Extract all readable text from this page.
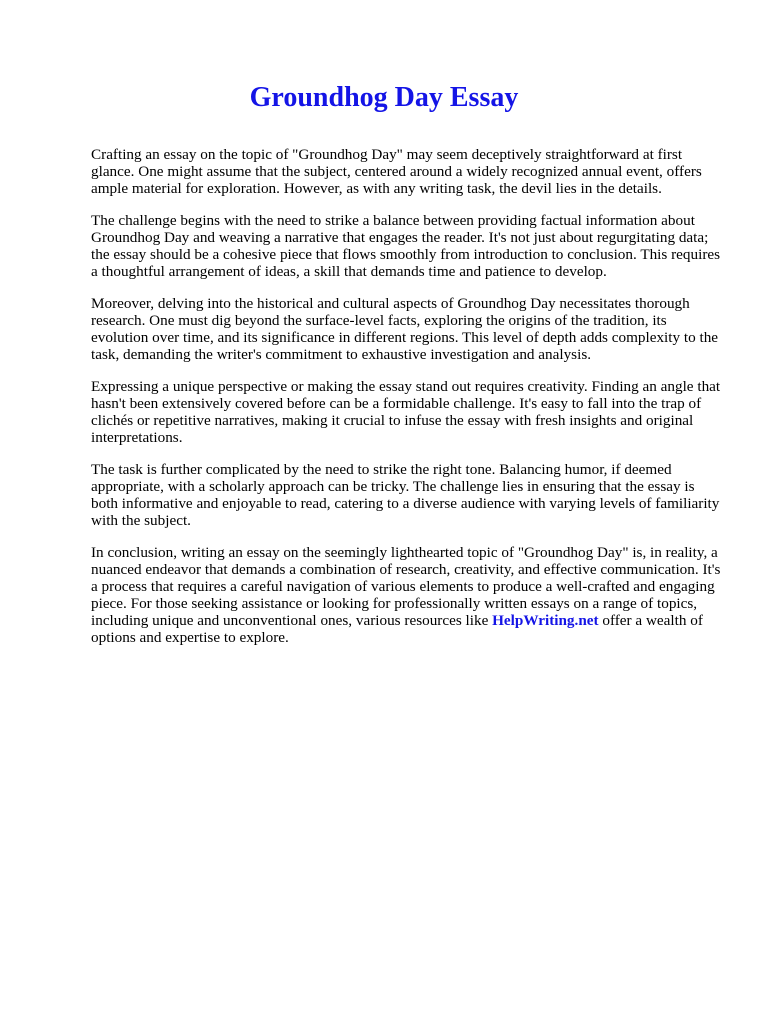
Groundhog Day Essay

Crafting an essay on the topic of "Groundhog Day" may seem deceptively straightforward at first glance. One might assume that the subject, centered around a widely recognized annual event, offers ample material for exploration. However, as with any writing task, the devil lies in the details.

The challenge begins with the need to strike a balance between providing factual information about Groundhog Day and weaving a narrative that engages the reader. It's not just about regurgitating data; the essay should be a cohesive piece that flows smoothly from introduction to conclusion. This requires a thoughtful arrangement of ideas, a skill that demands time and patience to develop.

Moreover, delving into the historical and cultural aspects of Groundhog Day necessitates thorough research. One must dig beyond the surface-level facts, exploring the origins of the tradition, its evolution over time, and its significance in different regions. This level of depth adds complexity to the task, demanding the writer's commitment to exhaustive investigation and analysis.

Expressing a unique perspective or making the essay stand out requires creativity. Finding an angle that hasn't been extensively covered before can be a formidable challenge. It's easy to fall into the trap of clichés or repetitive narratives, making it crucial to infuse the essay with fresh insights and original interpretations.

The task is further complicated by the need to strike the right tone. Balancing humor, if deemed appropriate, with a scholarly approach can be tricky. The challenge lies in ensuring that the essay is both informative and enjoyable to read, catering to a diverse audience with varying levels of familiarity with the subject.

In conclusion, writing an essay on the seemingly lighthearted topic of "Groundhog Day" is, in reality, a nuanced endeavor that demands a combination of research, creativity, and effective communication. It's a process that requires a careful navigation of various elements to produce a well-crafted and engaging piece. For those seeking assistance or looking for professionally written essays on a range of topics, including unique and unconventional ones, various resources like HelpWriting.net offer a wealth of options and expertise to explore.
